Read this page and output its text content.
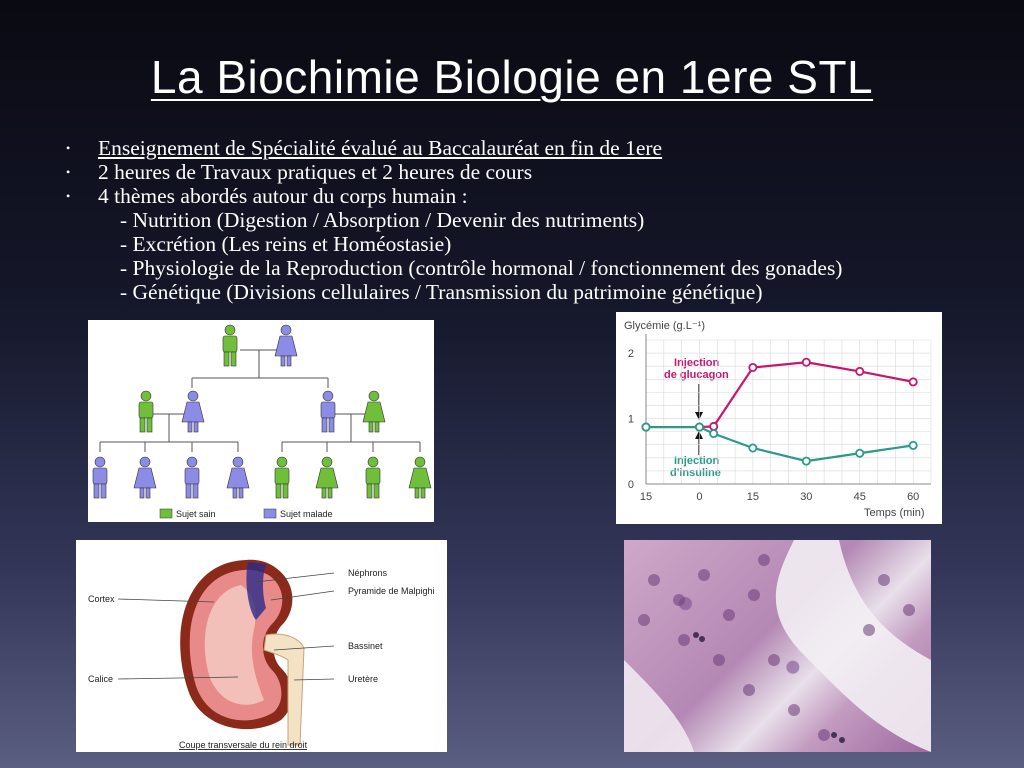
La Biochimie Biologie en 1ere STL
•	Enseignement de Spécialité évalué au Baccalauréat en fin de 1ere
•	2 heures de Travaux pratiques et 2 heures de cours
•	4 thèmes abordés autour du corps humain :
- Nutrition (Digestion / Absorption / Devenir des nutriments)
- Excrétion (Les reins et Homéostasie)
- Physiologie de la Reproduction (contrôle hormonal / fonctionnement des gonades)
- Génétique (Divisions cellulaires / Transmission du patrimoine génétique)
Sujet sain	Sujet malade
Glycémie (g.L⁻¹)
Temps (min)
Injection
de glucagon
Injection
d'insuline
15	0	15	30	45	60
0
1
2
Néphrons
Pyramide de Malpighi
Cortex
Bassinet
Calice	Uretère
Coupe transversale du rein droit
